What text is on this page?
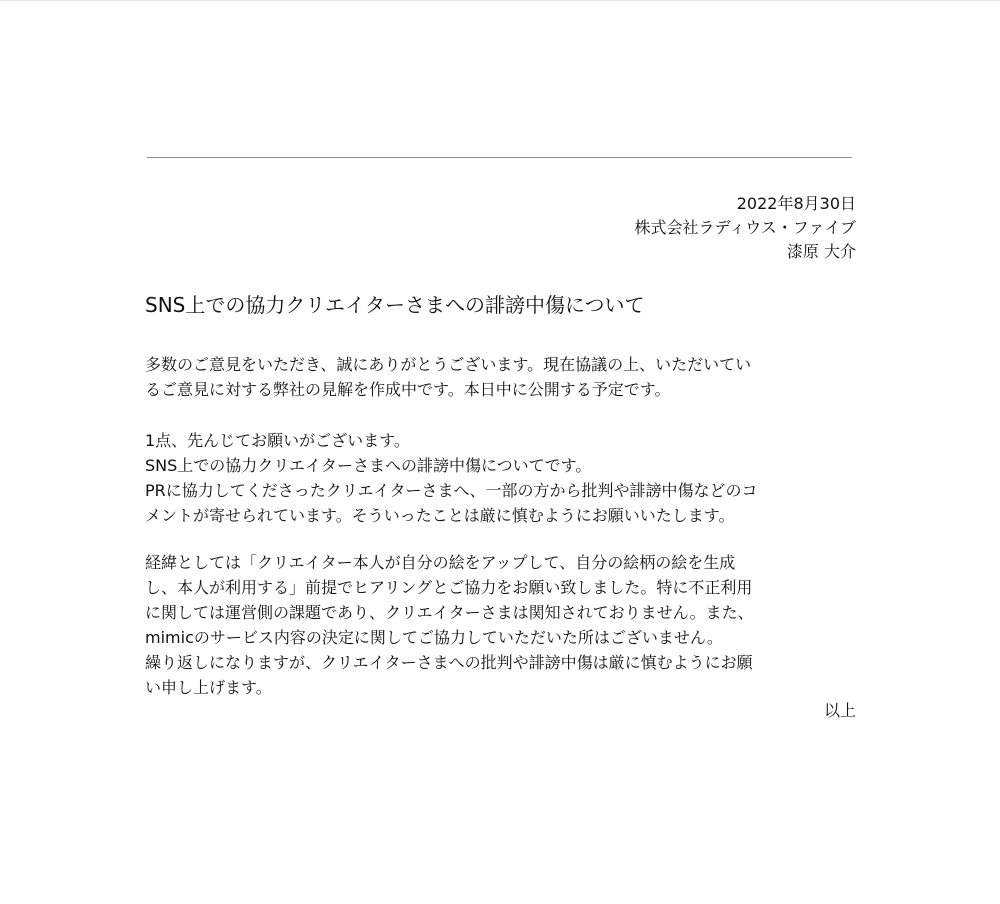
2022年8月30日
株式会社ラディウス・ファイブ
漆原 大介
SNS上での協力クリエイターさまへの誹謗中傷について
多数のご意見をいただき、誠にありがとうございます。現在協議の上、いただいてい
るご意見に対する弊社の見解を作成中です。本日中に公開する予定です。
1点、先んじてお願いがございます。
SNS上での協力クリエイターさまへの誹謗中傷についてです。
PRに協力してくださったクリエイターさまへ、一部の方から批判や誹謗中傷などのコ
メントが寄せられています。そういったことは厳に慎むようにお願いいたします。
経緯としては「クリエイター本人が自分の絵をアップして、自分の絵柄の絵を生成
し、本人が利用する」前提でヒアリングとご協力をお願い致しました。特に不正利用
に関しては運営側の課題であり、クリエイターさまは関知されておりません。また、
mimicのサービス内容の決定に関してご協力していただいた所はございません。
繰り返しになりますが、クリエイターさまへの批判や誹謗中傷は厳に慎むようにお願
い申し上げます。
以上
